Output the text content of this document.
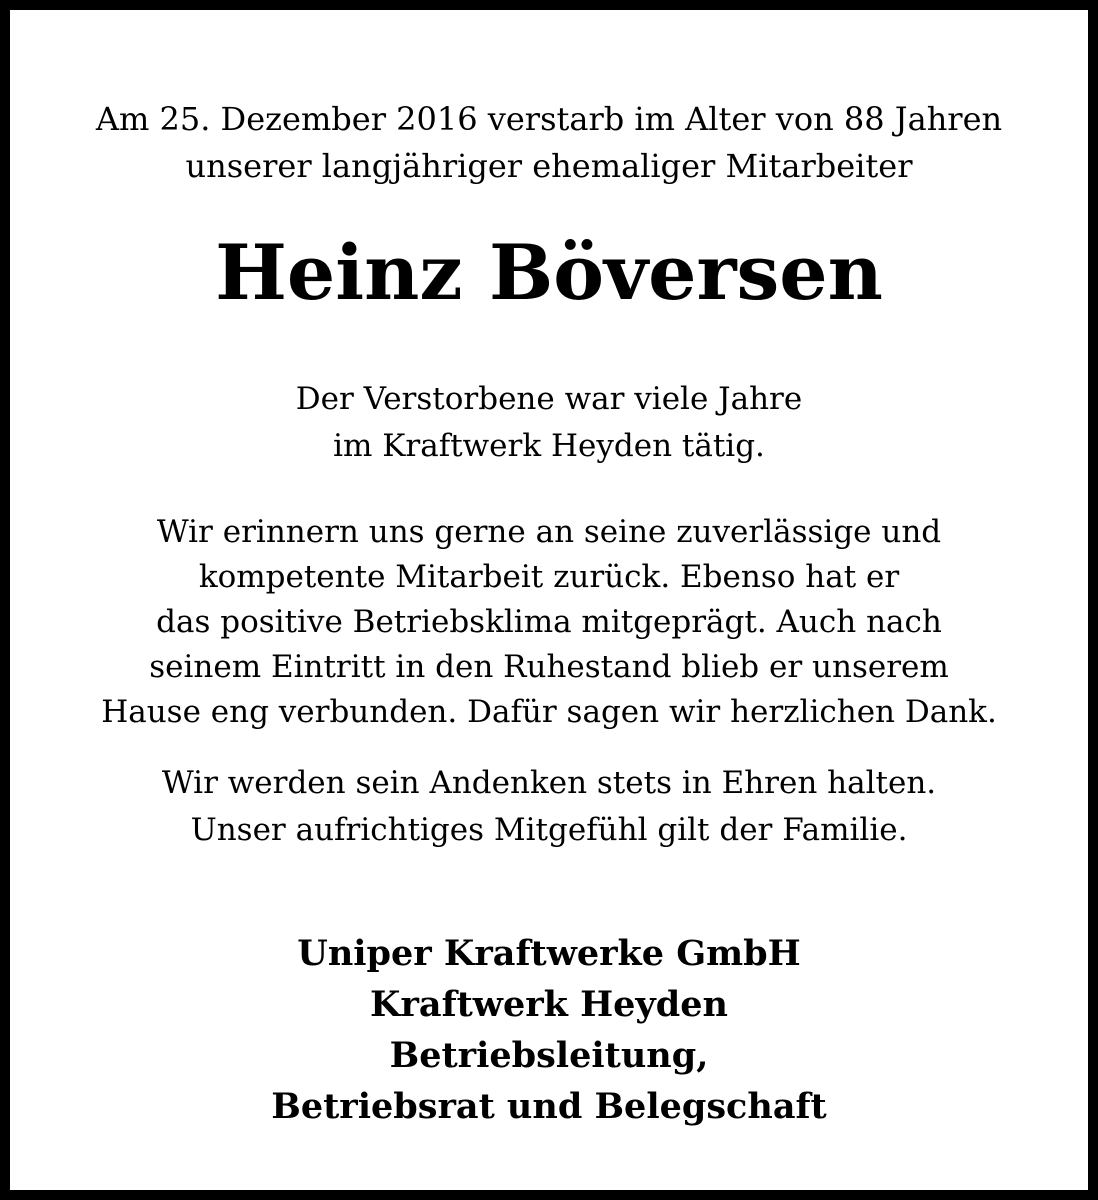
Am 25. Dezember 2016 verstarb im Alter von 88 Jahren
unserer langjähriger ehemaliger Mitarbeiter
Heinz Böversen
Der Verstorbene war viele Jahre
im Kraftwerk Heyden tätig.
Wir erinnern uns gerne an seine zuverlässige und
kompetente Mitarbeit zurück. Ebenso hat er
das positive Betriebsklima mitgeprägt. Auch nach
seinem Eintritt in den Ruhestand blieb er unserem
Hause eng verbunden. Dafür sagen wir herzlichen Dank.
Wir werden sein Andenken stets in Ehren halten.
Unser aufrichtiges Mitgefühl gilt der Familie.
Uniper Kraftwerke GmbH
Kraftwerk Heyden
Betriebsleitung,
Betriebsrat und Belegschaft
